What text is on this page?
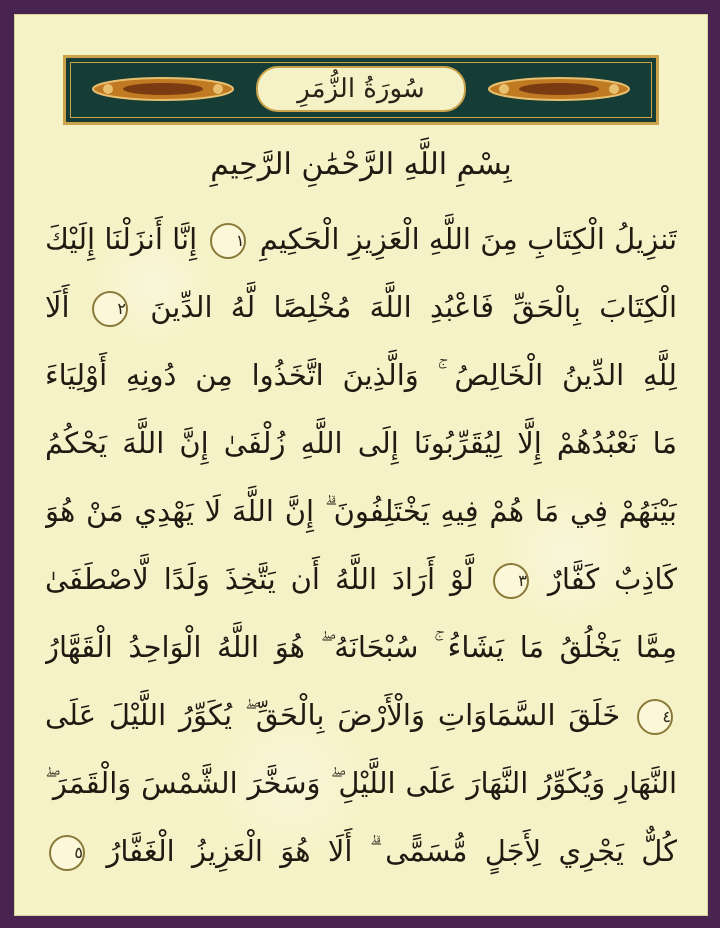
سُورَةُ الزُّمَرِ
بِسْمِ اللَّهِ الرَّحْمَٰنِ الرَّحِيمِ
تَنزِيلُ الْكِتَابِ مِنَ اللَّهِ الْعَزِيزِ الْحَكِيمِ ١ إِنَّا أَنزَلْنَا إِلَيْكَ
الْكِتَابَ بِالْحَقِّ فَاعْبُدِ اللَّهَ مُخْلِصًا لَّهُ الدِّينَ ٢ أَلَا
لِلَّهِ الدِّينُ الْخَالِصُ ۚ وَالَّذِينَ اتَّخَذُوا مِن دُونِهِ أَوْلِيَاءَ
مَا نَعْبُدُهُمْ إِلَّا لِيُقَرِّبُونَا إِلَى اللَّهِ زُلْفَىٰ إِنَّ اللَّهَ يَحْكُمُ
بَيْنَهُمْ فِي مَا هُمْ فِيهِ يَخْتَلِفُونَ ۗ إِنَّ اللَّهَ لَا يَهْدِي مَنْ هُوَ
كَاذِبٌ كَفَّارٌ ٣ لَّوْ أَرَادَ اللَّهُ أَن يَتَّخِذَ وَلَدًا لَّاصْطَفَىٰ
مِمَّا يَخْلُقُ مَا يَشَاءُ ۚ سُبْحَانَهُ ۖ هُوَ اللَّهُ الْوَاحِدُ الْقَهَّارُ
٤ خَلَقَ السَّمَاوَاتِ وَالْأَرْضَ بِالْحَقِّ ۖ يُكَوِّرُ اللَّيْلَ عَلَى
النَّهَارِ وَيُكَوِّرُ النَّهَارَ عَلَى اللَّيْلِ ۖ وَسَخَّرَ الشَّمْسَ وَالْقَمَرَ ۖ
كُلٌّ يَجْرِي لِأَجَلٍ مُّسَمًّى ۗ أَلَا هُوَ الْعَزِيزُ الْغَفَّارُ ٥
